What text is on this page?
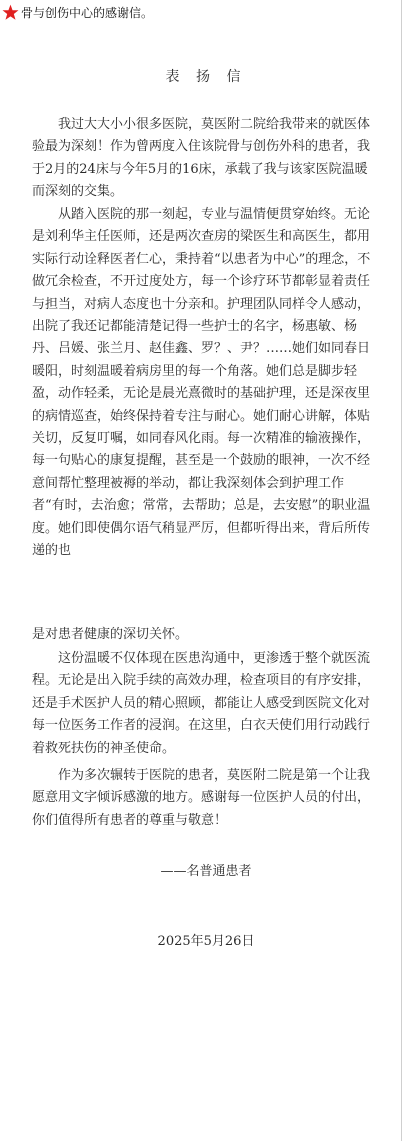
骨与创伤中心的感谢信。
表 扬 信

我过大大小小很多医院，莫医附二院给我带来的就医体验最为深刻！作为曾两度入住该院骨与创伤外科的患者，我于2月的24床与今年5月的16床，承载了我与该家医院温暖而深刻的交集。

从踏入医院的那一刻起，专业与温情便贯穿始终。无论是刘利华主任医师，还是两次查房的梁医生和高医生，都用实际行动诠释医者仁心，秉持着“以患者为中心”的理念，不做冗余检查，不开过度处方，每一个诊疗环节都彰显着责任与担当，对病人态度也十分亲和。护理团队同样令人感动，出院了我还记都能清楚记得一些护士的名字，杨惠敏、杨丹、吕媛、张兰月、赵佳鑫、罗？、尹？……她们如同春日暖阳，时刻温暖着病房里的每一个角落。她们总是脚步轻盈，动作轻柔，无论是晨光熹微时的基础护理，还是深夜里的病情巡查，始终保持着专注与耐心。她们耐心讲解，体贴关切，反复叮嘱，如同春风化雨。每一次精准的输液操作，每一句贴心的康复提醒，甚至是一个鼓励的眼神，一次不经意间帮忙整理被褥的举动，都让我深刻体会到护理工作者“有时，去治愈；常常，去帮助；总是，去安慰”的职业温度。她们即使偶尔语气稍显严厉，但都听得出来，背后所传递的也

是对患者健康的深切关怀。

这份温暖不仅体现在医患沟通中，更渗透于整个就医流程。无论是出入院手续的高效办理，检查项目的有序安排，还是手术医护人员的精心照顾，都能让人感受到医院文化对每一位医务工作者的浸润。在这里，白衣天使们用行动践行着救死扶伤的神圣使命。

作为多次辗转于医院的患者，莫医附二院是第一个让我愿意用文字倾诉感激的地方。感谢每一位医护人员的付出，你们值得所有患者的尊重与敬意！

——名普通患者
2025年5月26日
